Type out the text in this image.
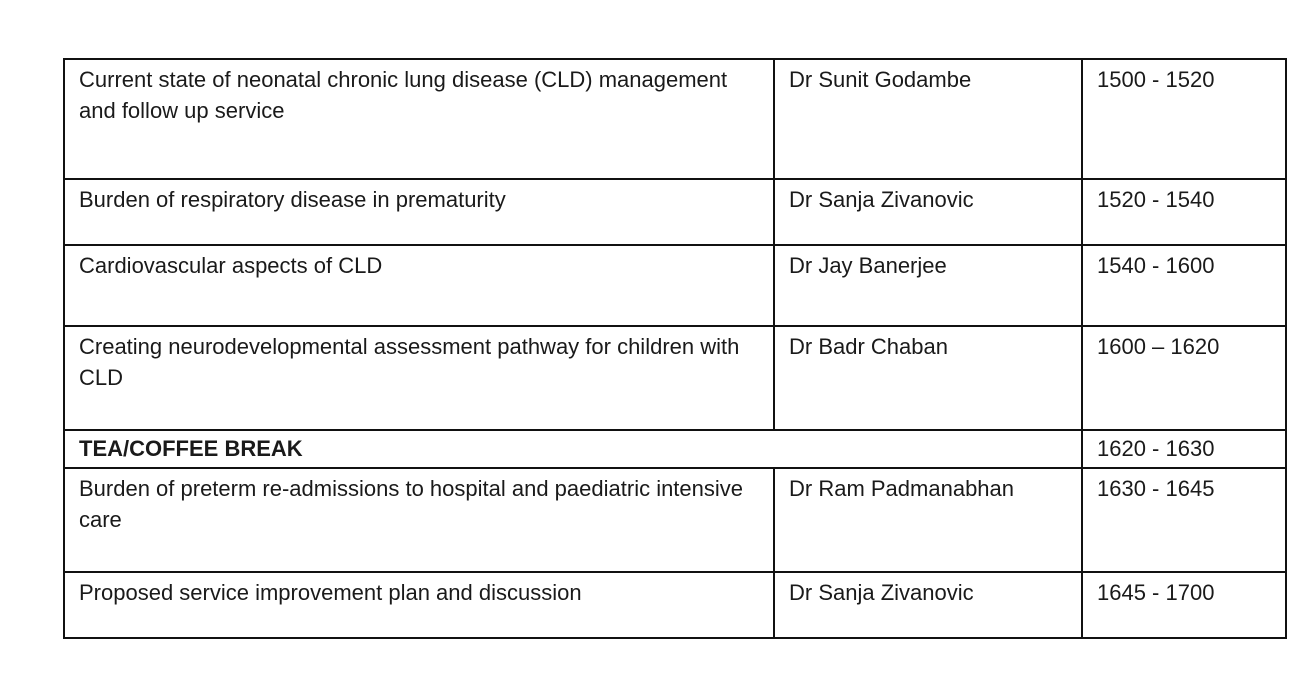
Current state of neonatal chronic lung disease (CLD) management and follow up service	Dr Sunit Godambe	1500 - 1520
Burden of respiratory disease in prematurity	Dr Sanja Zivanovic	1520 - 1540
Cardiovascular aspects of CLD	Dr Jay Banerjee	1540 - 1600
Creating neurodevelopmental assessment pathway for children with CLD	Dr Badr Chaban	1600 – 1620
TEA/COFFEE BREAK		1620 - 1630
Burden of preterm re-admissions to hospital and paediatric intensive care	Dr Ram Padmanabhan	1630 - 1645
Proposed service improvement plan and discussion	Dr Sanja Zivanovic	1645 - 1700
